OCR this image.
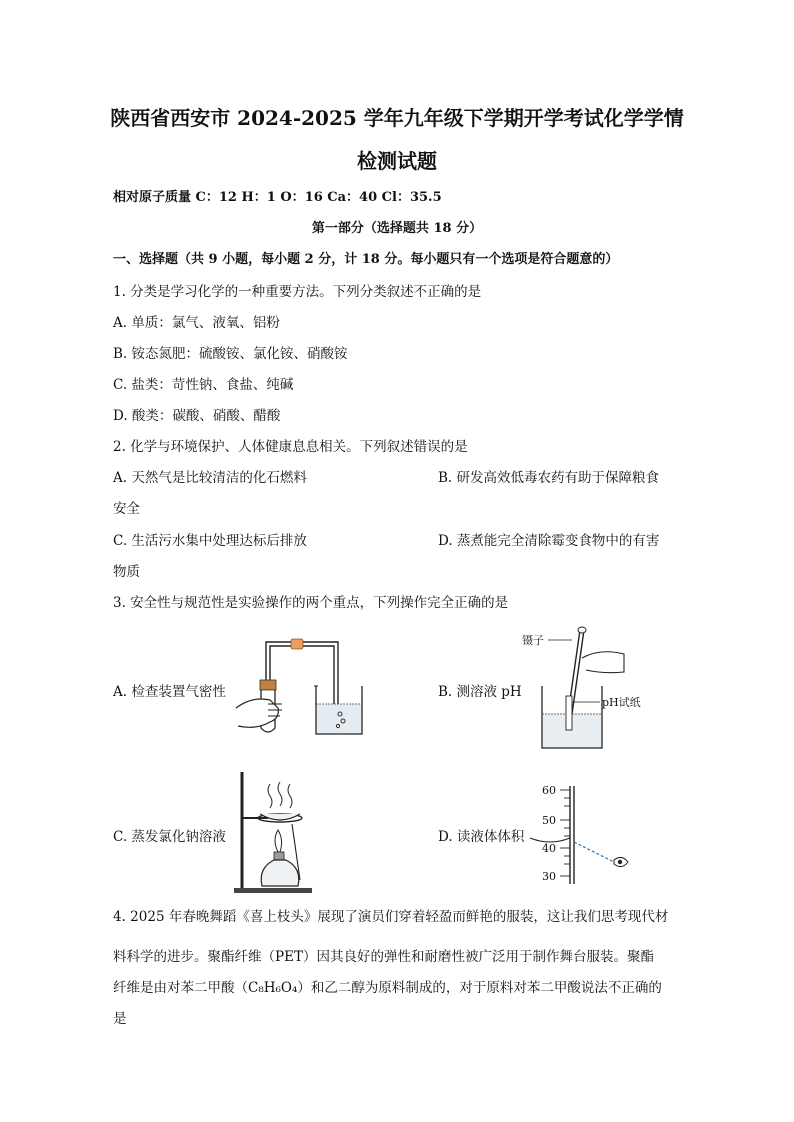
陕西省西安市 2024-2025 学年九年级下学期开学考试化学学情
检测试题
相对原子质量 C：12 H：1 O：16 Ca：40 Cl：35.5
第一部分（选择题共 18 分）
一、选择题（共 9 小题，每小题 2 分，计 18 分。每小题只有一个选项是符合题意的）
1. 分类是学习化学的一种重要方法。下列分类叙述不正确的是
A. 单质：氯气、液氧、铝粉
B. 铵态氮肥：硫酸铵、氯化铵、硝酸铵
C. 盐类：苛性钠、食盐、纯碱
D. 酸类：碳酸、硝酸、醋酸
2. 化学与环境保护、人体健康息息相关。下列叙述错误的是
A. 天然气是比较清洁的化石燃料	B. 研发高效低毒农药有助于保障粮食
安全
C. 生活污水集中处理达标后排放	D. 蒸煮能完全清除霉变食物中的有害
物质
3. 安全性与规范性是实验操作的两个重点，下列操作完全正确的是
A. 检查装置气密性	B. 测溶液 pH
C. 蒸发氯化钠溶液	D. 读液体体积
镊子
pH试纸
60
50
40
30
4. 2025 年春晚舞蹈《喜上枝头》展现了演员们穿着轻盈而鲜艳的服装，这让我们思考现代材
料科学的进步。聚酯纤维（PET）因其良好的弹性和耐磨性被广泛用于制作舞台服装。聚酯
纤维是由对苯二甲酸（C₈H₆O₄）和乙二醇为原料制成的，对于原料对苯二甲酸说法不正确的
是
